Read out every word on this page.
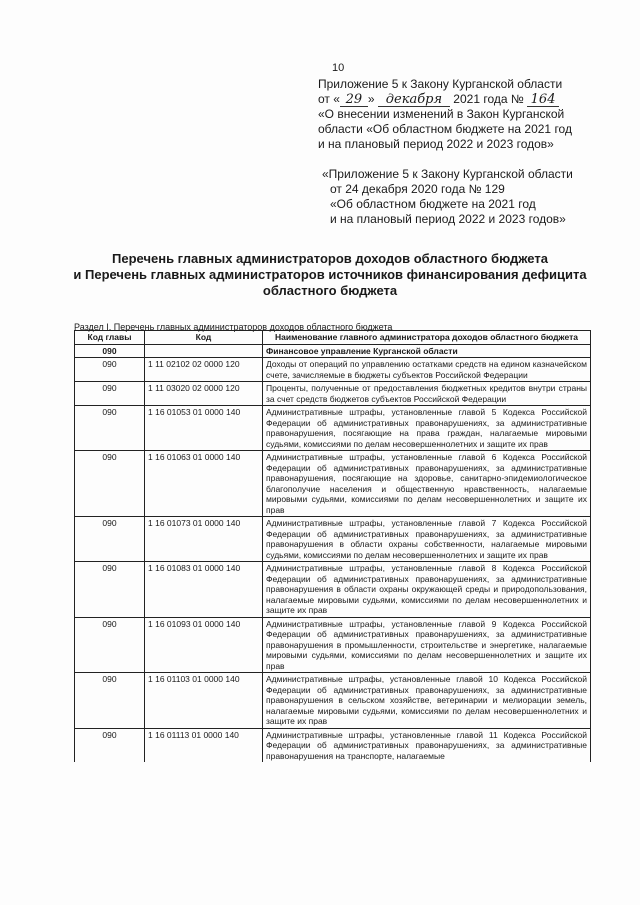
10
Приложение 5 к Закону Курганской области
от « 29 » декабря 2021 года № 164
«О внесении изменений в Закон Курганской
области «Об областном бюджете на 2021 год
и на плановый период 2022 и 2023 годов»
«Приложение 5 к Закону Курганской области
от 24 декабря 2020 года № 129
«Об областном бюджете на 2021 год
и на плановый период 2022 и 2023 годов»
Перечень главных администраторов доходов областного бюджета
и Перечень главных администраторов источников финансирования дефицита
областного бюджета
Раздел I. Перечень главных администраторов доходов областного бюджета
Код главы	Код	Наименование главного администратора доходов областного бюджета
090		Финансовое управление Курганской области
090	1 11 02102 02 0000 120	Доходы от операций по управлению остатками средств на едином казначейском счете, зачисляемые в бюджеты субъектов Российской Федерации
090	1 11 03020 02 0000 120	Проценты, полученные от предоставления бюджетных кредитов внутри страны за счет средств бюджетов субъектов Российской Федерации
090	1 16 01053 01 0000 140	Административные штрафы, установленные главой 5 Кодекса Российской Федерации об административных правонарушениях, за административные правонарушения, посягающие на права граждан, налагаемые мировыми судьями, комиссиями по делам несовершеннолетних и защите их прав
090	1 16 01063 01 0000 140	Административные штрафы, установленные главой 6 Кодекса Российской Федерации об административных правонарушениях, за административные правонарушения, посягающие на здоровье, санитарно-эпидемиологическое благополучие населения и общественную нравственность, налагаемые мировыми судьями, комиссиями по делам несовершеннолетних и защите их прав
090	1 16 01073 01 0000 140	Административные штрафы, установленные главой 7 Кодекса Российской Федерации об административных правонарушениях, за административные правонарушения в области охраны собственности, налагаемые мировыми судьями, комиссиями по делам несовершеннолетних и защите их прав
090	1 16 01083 01 0000 140	Административные штрафы, установленные главой 8 Кодекса Российской Федерации об административных правонарушениях, за административные правонарушения в области охраны окружающей среды и природопользования, налагаемые мировыми судьями, комиссиями по делам несовершеннолетних и защите их прав
090	1 16 01093 01 0000 140	Административные штрафы, установленные главой 9 Кодекса Российской Федерации об административных правонарушениях, за административные правонарушения в промышленности, строительстве и энергетике, налагаемые мировыми судьями, комиссиями по делам несовершеннолетних и защите их прав
090	1 16 01103 01 0000 140	Административные штрафы, установленные главой 10 Кодекса Российской Федерации об административных правонарушениях, за административные правонарушения в сельском хозяйстве, ветеринарии и мелиорации земель, налагаемые мировыми судьями, комиссиями по делам несовершеннолетних и защите их прав
090	1 16 01113 01 0000 140	Административные штрафы, установленные главой 11 Кодекса Российской Федерации об административных правонарушениях, за административные правонарушения на транспорте, налагаемые
